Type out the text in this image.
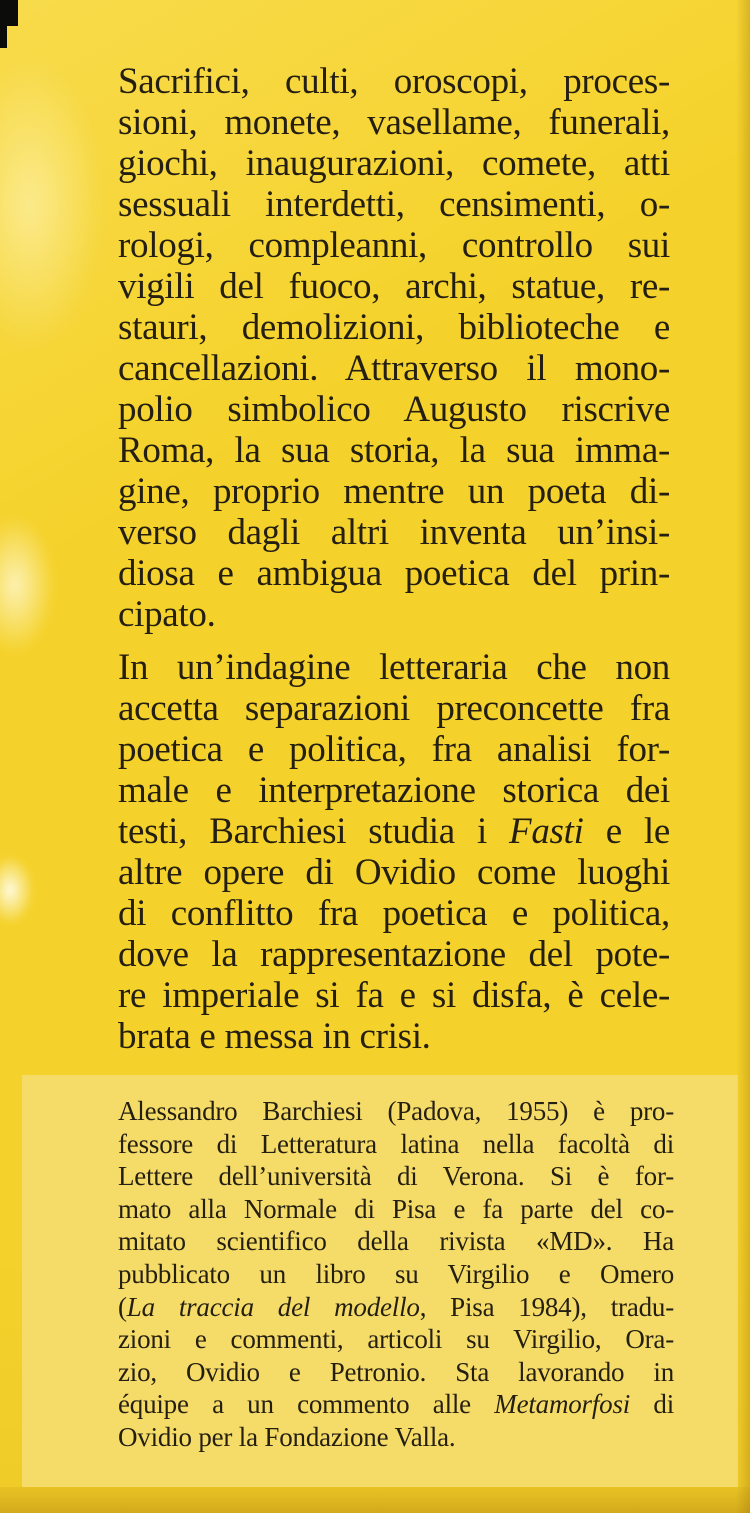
Sacrifici, culti, oroscopi, proces-
sioni, monete, vasellame, funerali,
giochi, inaugurazioni, comete, atti
sessuali interdetti, censimenti, o-
rologi, compleanni, controllo sui
vigili del fuoco, archi, statue, re-
stauri, demolizioni, biblioteche e
cancellazioni. Attraverso il mono-
polio simbolico Augusto riscrive
Roma, la sua storia, la sua imma-
gine, proprio mentre un poeta di-
verso dagli altri inventa un’insi-
diosa e ambigua poetica del prin-
cipato.
In un’indagine letteraria che non
accetta separazioni preconcette fra
poetica e politica, fra analisi for-
male e interpretazione storica dei
testi, Barchiesi studia i Fasti e le
altre opere di Ovidio come luoghi
di conflitto fra poetica e politica,
dove la rappresentazione del pote-
re imperiale si fa e si disfa, è cele-
brata e messa in crisi.
Alessandro Barchiesi (Padova, 1955) è pro-
fessore di Letteratura latina nella facoltà di
Lettere dell’università di Verona. Si è for-
mato alla Normale di Pisa e fa parte del co-
mitato scientifico della rivista «MD». Ha
pubblicato un libro su Virgilio e Omero
(La traccia del modello, Pisa 1984), tradu-
zioni e commenti, articoli su Virgilio, Ora-
zio, Ovidio e Petronio. Sta lavorando in
équipe a un commento alle Metamorfosi di
Ovidio per la Fondazione Valla.
